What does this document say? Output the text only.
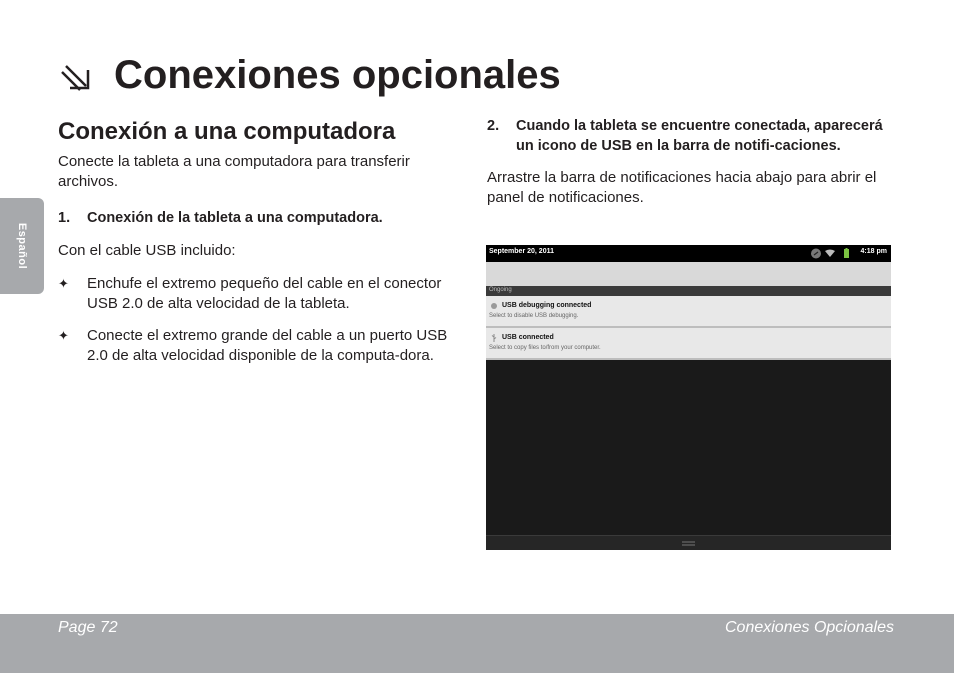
Español
Conexiones opcionales
Conexión a una computadora

Conecte la tableta a una computadora para transferir archivos.

1.	Conexión de la tableta a una computadora.

Con el cable USB incluido:

✦	Enchufe el extremo pequeño del cable en el conector USB 2.0 de alta velocidad de la tableta.
✦	Conecte el extremo grande del cable a un puerto USB 2.0 de alta velocidad disponible de la computa-dora.
2.	Cuando la tableta se encuentre conectada, aparecerá un icono de USB en la barra de notifi-caciones.

Arrastre la barra de notificaciones hacia abajo para abrir el panel de notificaciones.

September 20, 2011	4:18 pm
Ongoing
USB debugging connected
Select to disable USB debugging.
USB connected
Select to copy files to/from your computer.
Page 72	Conexiones Opcionales
